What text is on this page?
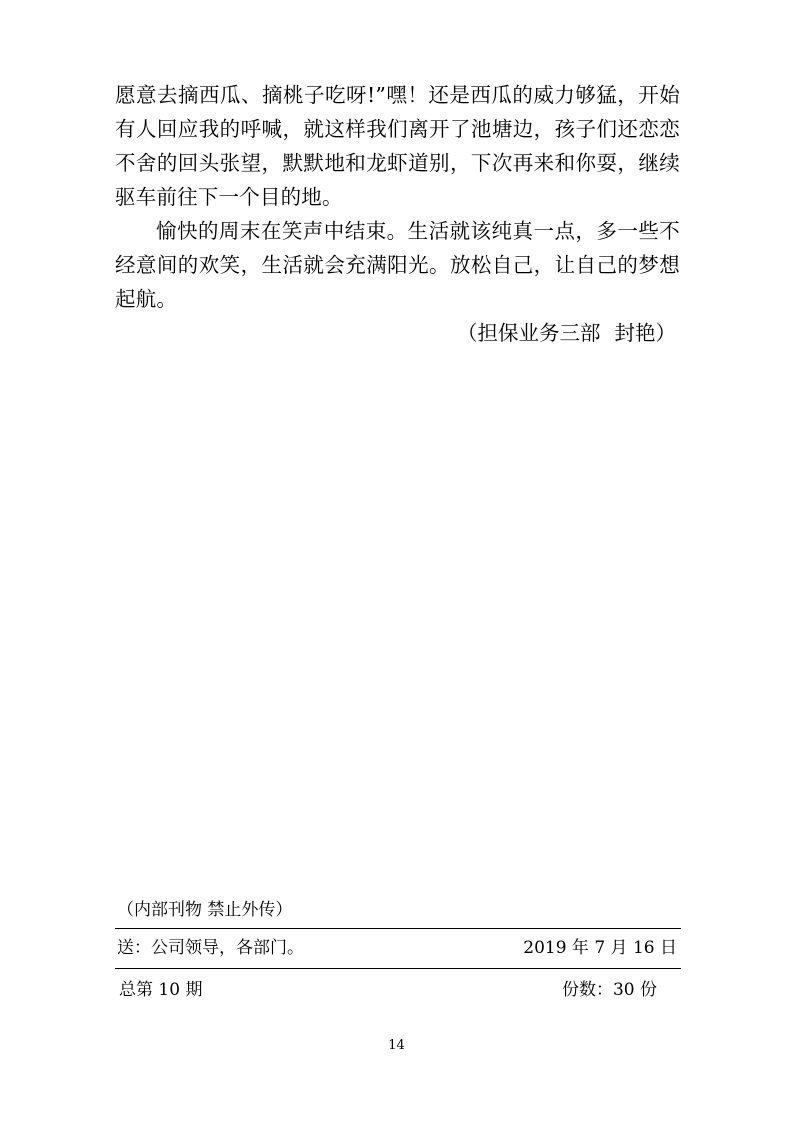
愿意去摘西瓜、摘桃子吃呀!”嘿！还是西瓜的威力够猛，开始有人回应我的呼喊，就这样我们离开了池塘边，孩子们还恋恋不舍的回头张望，默默地和龙虾道别，下次再来和你耍，继续驱车前往下一个目的地。

愉快的周末在笑声中结束。生活就该纯真一点，多一些不经意间的欢笑，生活就会充满阳光。放松自己，让自己的梦想起航。

（担保业务三部 封艳）
（内部刊物 禁止外传）
送：公司领导，各部门。	2019 年 7 月 16 日
总第 10 期	份数：30 份
14
